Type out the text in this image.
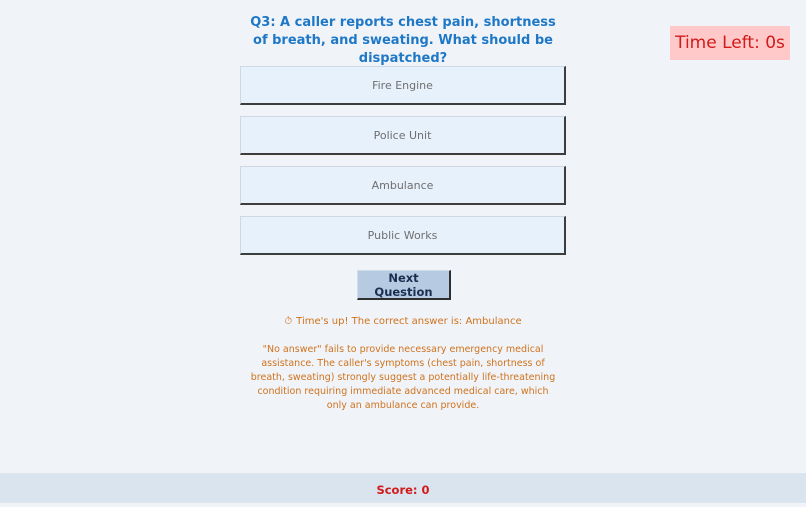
Q3: A caller reports chest pain, shortness of breath, and sweating. What should be dispatched?
Time Left: 0s
Fire Engine
Police Unit
Ambulance
Public Works
Next Question
⏱ Time's up! The correct answer is: Ambulance
"No answer" fails to provide necessary emergency medical assistance. The caller's symptoms (chest pain, shortness of breath, sweating) strongly suggest a potentially life-threatening condition requiring immediate advanced medical care, which only an ambulance can provide.
Score: 0
